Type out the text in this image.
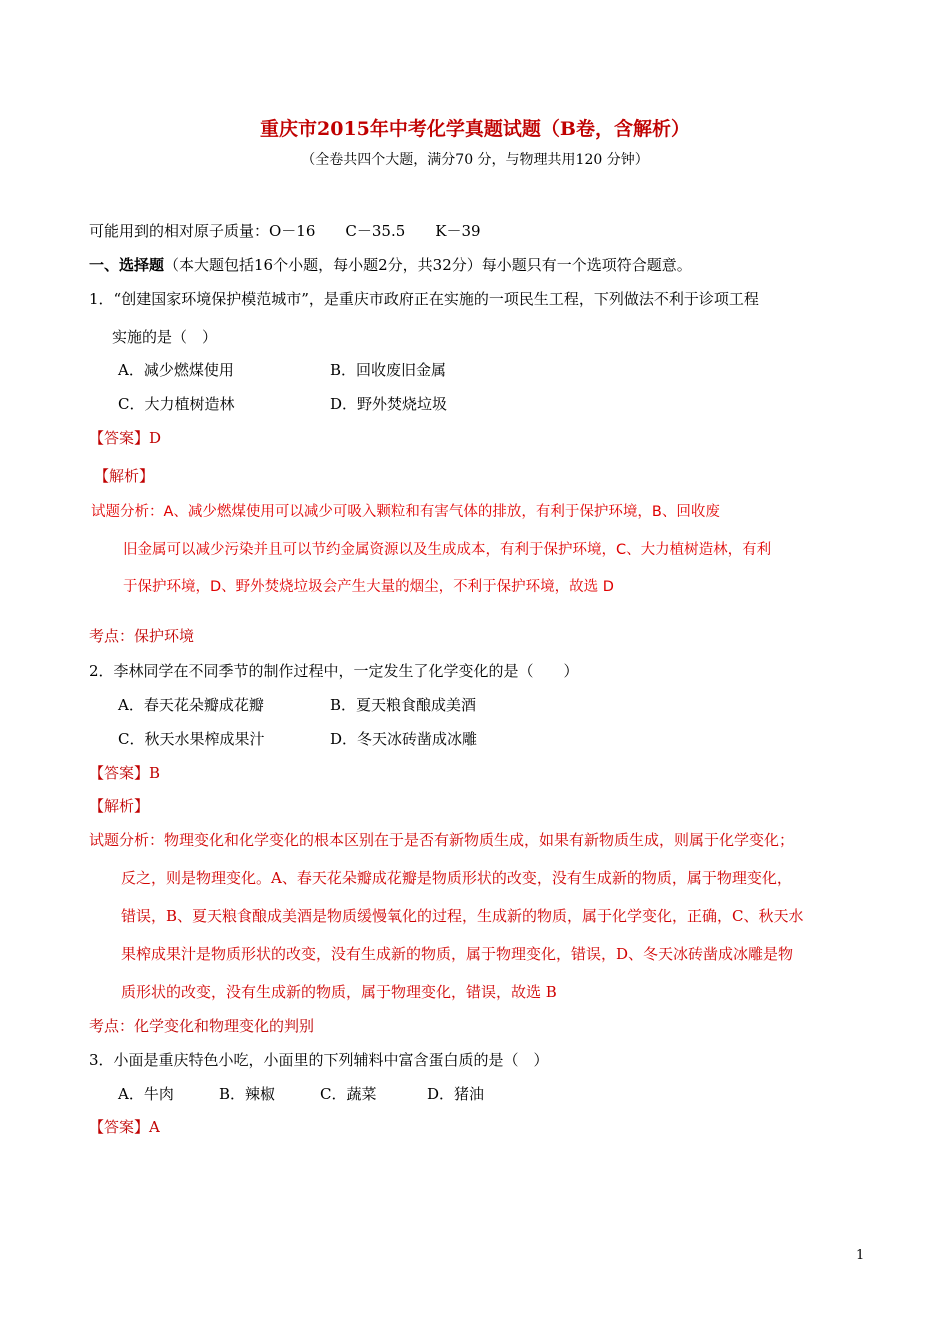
重庆市2015年中考化学真题试题（B卷，含解析）
（全卷共四个大题，满分70 分，与物理共用120 分钟）
可能用到的相对原子质量：O－16　　C－35.5　　K－39
一、选择题（本大题包括16个小题，每小题2分，共32分）每小题只有一个选项符合题意。
1．“创建国家环境保护模范城市”，是重庆市政府正在实施的一项民生工程，下列做法不利于诊项工程
实施的是（　）
A．减少燃煤使用	B．回收废旧金属
C．大力植树造林	D．野外焚烧垃圾
【答案】D
【解析】
试题分析：A、减少燃煤使用可以减少可吸入颗粒和有害气体的排放，有利于保护环境，B、回收废
旧金属可以减少污染并且可以节约金属资源以及生成成本，有利于保护环境，C、大力植树造林，有利
于保护环境，D、野外焚烧垃圾会产生大量的烟尘，不利于保护环境，故选 D
考点：保护环境
2．李林同学在不同季节的制作过程中，一定发生了化学变化的是（　　）
A．春天花朵瓣成花瓣	B．夏天粮食酿成美酒
C．秋天水果榨成果汁	D．冬天冰砖凿成冰雕
【答案】B
【解析】
试题分析：物理变化和化学变化的根本区别在于是否有新物质生成，如果有新物质生成，则属于化学变化；
反之，则是物理变化。A、春天花朵瓣成花瓣是物质形状的改变，没有生成新的物质，属于物理变化，
错误，B、夏天粮食酿成美酒是物质缓慢氧化的过程，生成新的物质，属于化学变化，正确，C、秋天水
果榨成果汁是物质形状的改变，没有生成新的物质，属于物理变化，错误，D、冬天冰砖凿成冰雕是物
质形状的改变，没有生成新的物质，属于物理变化，错误，故选 B
考点：化学变化和物理变化的判别
3．小面是重庆特色小吃，小面里的下列辅料中富含蛋白质的是（　）
A．牛肉	B．辣椒	C．蔬菜	D．猪油
【答案】A
1
